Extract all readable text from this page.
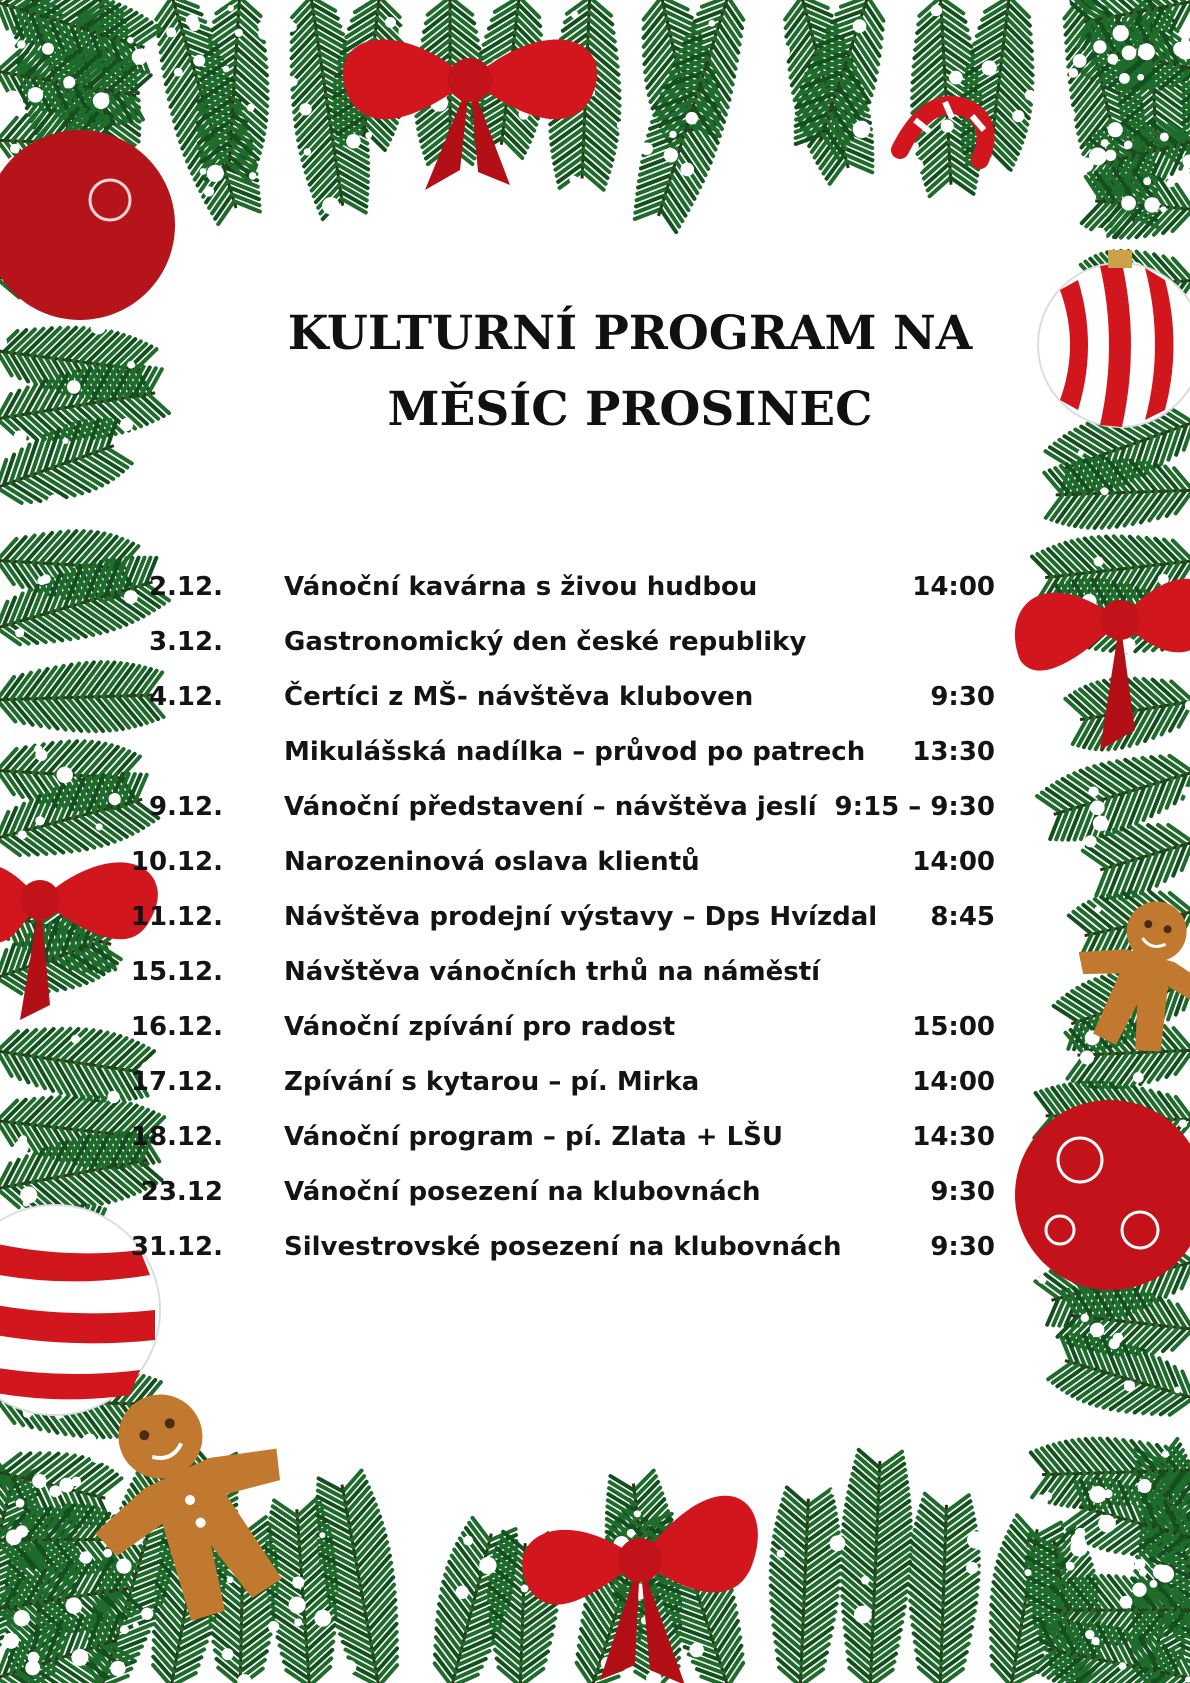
KULTURNÍ PROGRAM NA
MĚSÍC PROSINEC
2.12. Vánoční kavárna s živou hudbou	14:00
3.12. Gastronomický den české republiky
4.12. Čertíci z MŠ- návštěva kluboven	9:30
Mikulášská nadílka – průvod po patrech 13:30
9.12. Vánoční představení – návštěva jeslí 9:15 – 9:30
10.12. Narozeninová oslava klientů	14:00
11.12. Návštěva prodejní výstavy – Dps Hvízdal 8:45
15.12. Návštěva vánočních trhů na náměstí
16.12. Vánoční zpívání pro radost	15:00
17.12. Zpívání s kytarou – pí. Mirka	14:00
18.12. Vánoční program – pí. Zlata + LŠU	14:30
23.12 Vánoční posezení na klubovnách	9:30
31.12. Silvestrovské posezení na klubovnách	9:30
